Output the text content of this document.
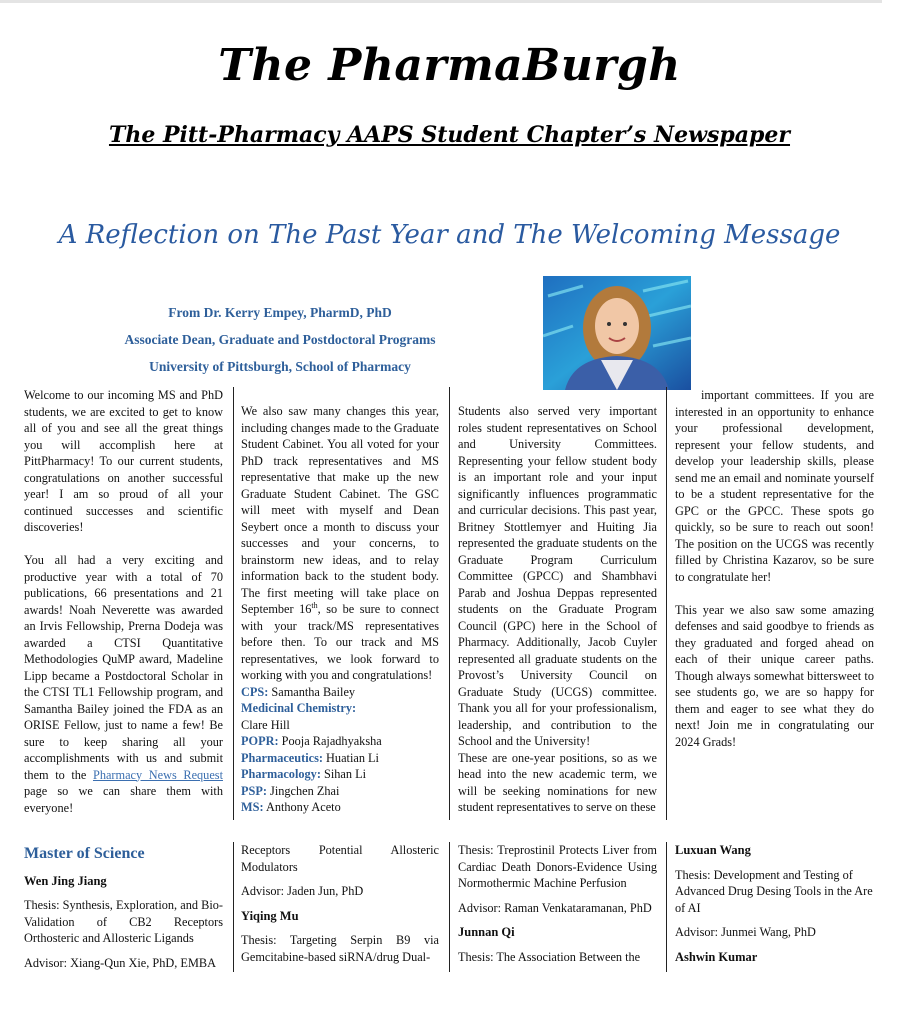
The PharmaBurgh
The Pitt-Pharmacy AAPS Student Chapter’s Newspaper
A Reflection on The Past Year and The Welcoming Message
From Dr. Kerry Empey, PharmD, PhD
Associate Dean, Graduate and Postdoctoral Programs
University of Pittsburgh, School of Pharmacy

Welcome to our incoming MS and PhD students, we are excited to get to know all of you and see all the great things you will accomplish here at PittPharmacy! To our current students, congratulations on another successful year! I am so proud of all your continued successes and scientific discoveries!

You all had a very exciting and productive year with a total of 70 publications, 66 presentations and 21 awards! Noah Neverette was awarded an Irvis Fellowship, Prerna Dodeja was awarded a CTSI Quantitative Methodologies QuMP award, Madeline Lipp became a Postdoctoral Scholar in the CTSI TL1 Fellowship program, and Samantha Bailey joined the FDA as an ORISE Fellow, just to name a few! Be sure to keep sharing all your accomplishments with us and submit them to the Pharmacy News Request page so we can share them with everyone!

We also saw many changes this year, including changes made to the Graduate Student Cabinet. You all voted for your PhD track representatives and MS representative that make up the new Graduate Student Cabinet. The GSC will meet with myself and Dean Seybert once a month to discuss your successes and your concerns, to brainstorm new ideas, and to relay information back to the student body. The first meeting will take place on September 16th, so be sure to connect with your track/MS representatives before then. To our track and MS representatives, we look forward to working with you and congratulations!

CPS: Samantha Bailey
Medicinal Chemistry:
Clare Hill
POPR: Pooja Rajadhyaksha
Pharmaceutics: Huatian Li
Pharmacology: Sihan Li
PSP: Jingchen Zhai
MS: Anthony Aceto

Students also served very important roles student representatives on School and University Committees. Representing your fellow student body is an important role and your input significantly influences programmatic and curricular decisions. This past year, Britney Stottlemyer and Huiting Jia represented the graduate students on the Graduate Program Curriculum Committee (GPCC) and Shambhavi Parab and Joshua Deppas represented students on the Graduate Program Council (GPC) here in the School of Pharmacy. Additionally, Jacob Cuyler represented all graduate students on the Provost’s University Council on Graduate Study (UCGS) committee. Thank you all for your professionalism, leadership, and contribution to the School and the University!

These are one-year positions, so as we head into the new academic term, we will be seeking nominations for new student representatives to serve on these

important committees. If you are interested in an opportunity to enhance your professional development, represent your fellow students, and develop your leadership skills, please send me an email and nominate yourself to be a student representative for the GPC or the GPCC. These spots go quickly, so be sure to reach out soon! The position on the UCGS was recently filled by Christina Kazarov, so be sure to congratulate her!

This year we also saw some amazing defenses and said goodbye to friends as they graduated and forged ahead on each of their unique career paths. Though always somewhat bittersweet to see students go, we are so happy for them and eager to see what they do next! Join me in congratulating our 2024 Grads!

Master of Science

Wen Jing Jiang

Thesis: Synthesis, Exploration, and Bio-Validation of CB2 Receptors Orthosteric and Allosteric Ligands

Advisor: Xiang-Qun Xie, PhD, EMBA

Receptors Potential Allosteric Modulators

Advisor: Jaden Jun, PhD

Yiqing Mu

Thesis: Targeting Serpin B9 via Gemcitabine-based siRNA/drug Dual-

Thesis: Treprostinil Protects Liver from Cardiac Death Donors-Evidence Using Normothermic Machine Perfusion

Advisor: Raman Venkataramanan, PhD

Junnan Qi

Thesis: The Association Between the

Luxuan Wang

Thesis: Development and Testing of Advanced Drug Desing Tools in the Are of AI

Advisor: Junmei Wang, PhD

Ashwin Kumar
